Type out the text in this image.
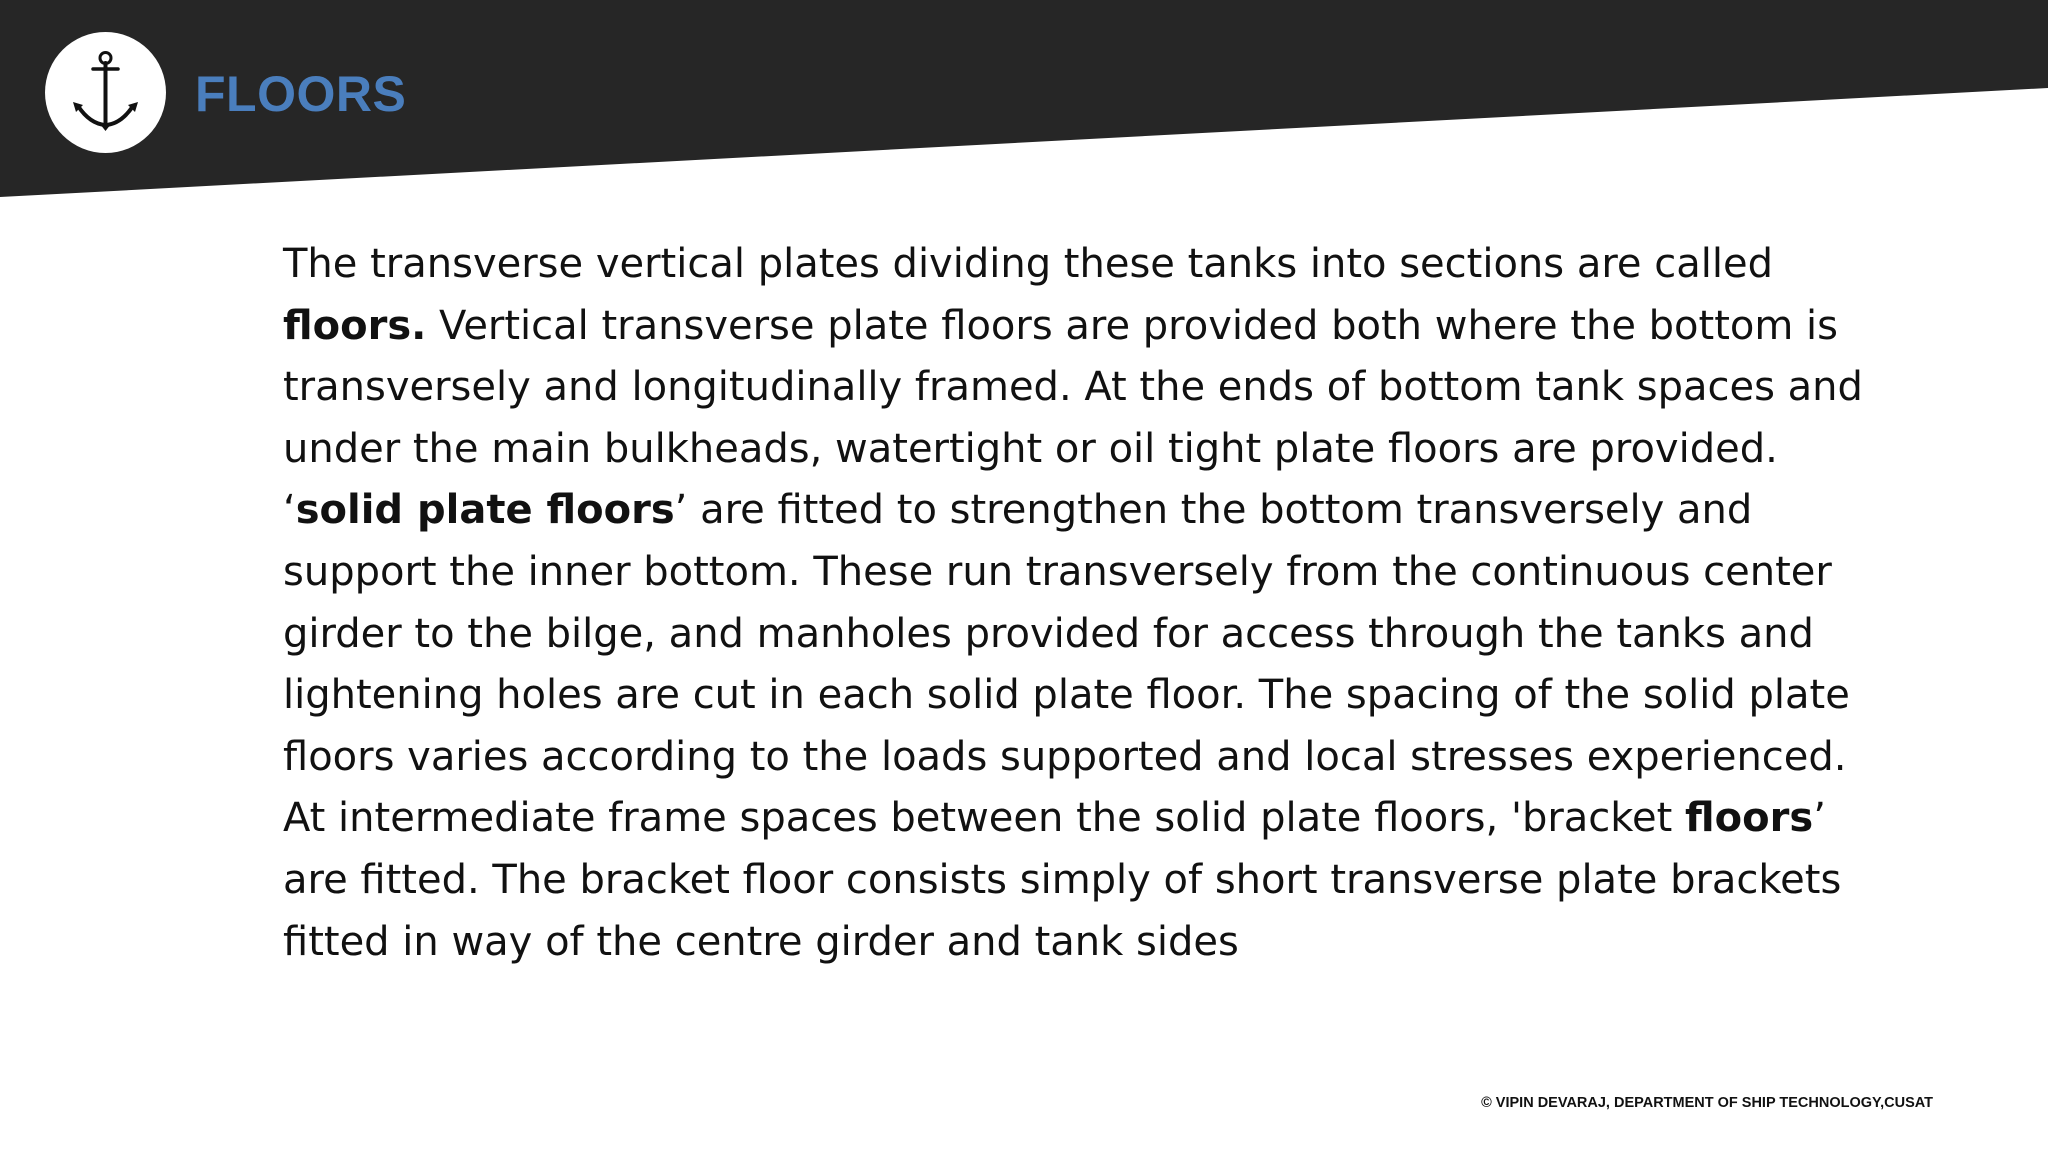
FLOORS
The transverse vertical plates dividing these tanks into sections are called
floors. Vertical transverse plate floors are provided both where the bottom is
transversely and longitudinally framed. At the ends of bottom tank spaces and
under the main bulkheads, watertight or oil tight plate floors are provided.
‘solid plate floors’ are fitted to strengthen the bottom transversely and
support the inner bottom. These run transversely from the continuous center
girder to the bilge, and manholes provided for access through the tanks and
lightening holes are cut in each solid plate floor. The spacing of the solid plate
floors varies according to the loads supported and local stresses experienced.
At intermediate frame spaces between the solid plate floors, 'bracket floors’
are fitted. The bracket floor consists simply of short transverse plate brackets
fitted in way of the centre girder and tank sides
© VIPIN DEVARAJ, DEPARTMENT OF SHIP TECHNOLOGY,CUSAT
